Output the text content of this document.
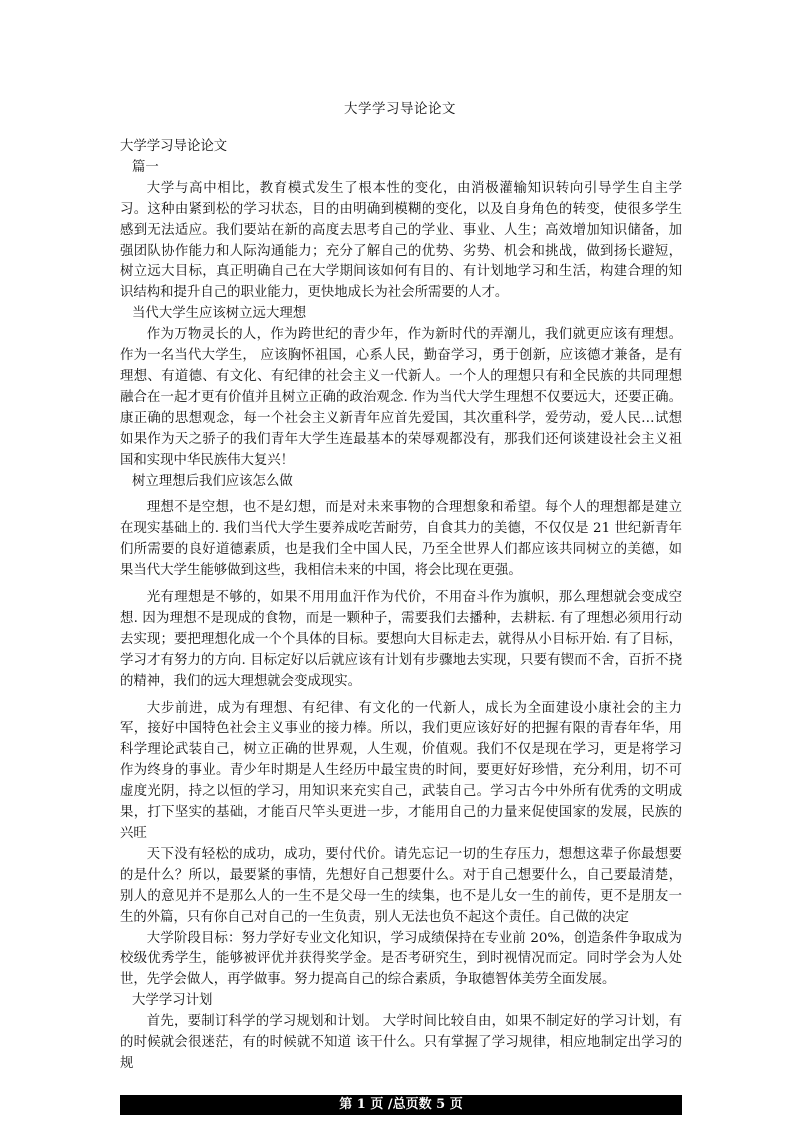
大学学习导论论文
大学学习导论论文
篇一
大学与高中相比，教育模式发生了根本性的变化，由消极灌输知识转向引导学生自主学习。这种由紧到松的学习状态，目的由明确到模糊的变化，以及自身角色的转变，使很多学生感到无法适应。我们要站在新的高度去思考自己的学业、事业、人生；高效增加知识储备，加强团队协作能力和人际沟通能力；充分了解自己的优势、劣势、机会和挑战，做到扬长避短，树立远大目标，真正明确自己在大学期间该如何有目的、有计划地学习和生活，构建合理的知识结构和提升自己的职业能力，更快地成长为社会所需要的人才。
当代大学生应该树立远大理想
作为万物灵长的人，作为跨世纪的青少年，作为新时代的弄潮儿，我们就更应该有理想。 作为一名当代大学生， 应该胸怀祖国，心系人民，勤奋学习，勇于创新，应该德才兼备，是有理想、有道德、有文化、有纪律的社会主义一代新人。一个人的理想只有和全民族的共同理想融合在一起才更有价值并且树立正确的政治观念. 作为当代大学生理想不仅要远大，还要正确。康正确的思想观念，每一个社会主义新青年应首先爱国，其次重科学，爱劳动，爱人民…试想如果作为天之骄子的我们青年大学生连最基本的荣辱观都没有，那我们还何谈建设社会主义祖国和实现中华民族伟大复兴！
树立理想后我们应该怎么做
理想不是空想，也不是幻想，而是对未来事物的合理想象和希望。每个人的理想都是建立在现实基础上的. 我们当代大学生要养成吃苦耐劳，自食其力的美德，不仅仅是 21 世纪新青年们所需要的良好道德素质，也是我们全中国人民，乃至全世界人们都应该共同树立的美德，如果当代大学生能够做到这些，我相信未来的中国，将会比现在更强。
光有理想是不够的，如果不用用血汗作为代价，不用奋斗作为旗帜，那么理想就会变成空想. 因为理想不是现成的食物，而是一颗种子，需要我们去播种，去耕耘. 有了理想必须用行动去实现；要把理想化成一个个具体的目标。要想向大目标走去，就得从小目标开始. 有了目标，学习才有努力的方向. 目标定好以后就应该有计划有步骤地去实现，只要有锲而不舍，百折不挠的精神，我们的远大理想就会变成现实。
大步前进，成为有理想、有纪律、有文化的一代新人，成长为全面建设小康社会的主力军，接好中国特色社会主义事业的接力棒。所以，我们更应该好好的把握有限的青春年华，用科学理论武装自己，树立正确的世界观，人生观，价值观。我们不仅是现在学习，更是将学习作为终身的事业。青少年时期是人生经历中最宝贵的时间，要更好好珍惜，充分利用，切不可虚度光阴，持之以恒的学习，用知识来充实自己，武装自己。学习古今中外所有优秀的文明成果，打下坚实的基础，才能百尺竿头更进一步，才能用自己的力量来促使国家的发展，民族的兴旺
天下没有轻松的成功，成功，要付代价。请先忘记一切的生存压力，想想这辈子你最想要的是什么？所以，最要紧的事情，先想好自己想要什么。对于自己想要什么，自己要最清楚，别人的意见并不是那么人的一生不是父母一生的续集，也不是儿女一生的前传，更不是朋友一生的外篇，只有你自己对自己的一生负责，别人无法也负不起这个责任。自己做的决定
大学阶段目标：努力学好专业文化知识，学习成绩保持在专业前 20%，创造条件争取成为校级优秀学生，能够被评优并获得奖学金。是否考研究生，到时视情况而定。同时学会为人处世，先学会做人，再学做事。努力提高自己的综合素质，争取德智体美劳全面发展。
大学学习计划
首先，要制订科学的学习规划和计划。 大学时间比较自由，如果不制定好的学习计划，有的时候就会很迷茫，有的时候就不知道 该干什么。只有掌握了学习规律，相应地制定出学习的规
第 1 页 /总页数 5 页
